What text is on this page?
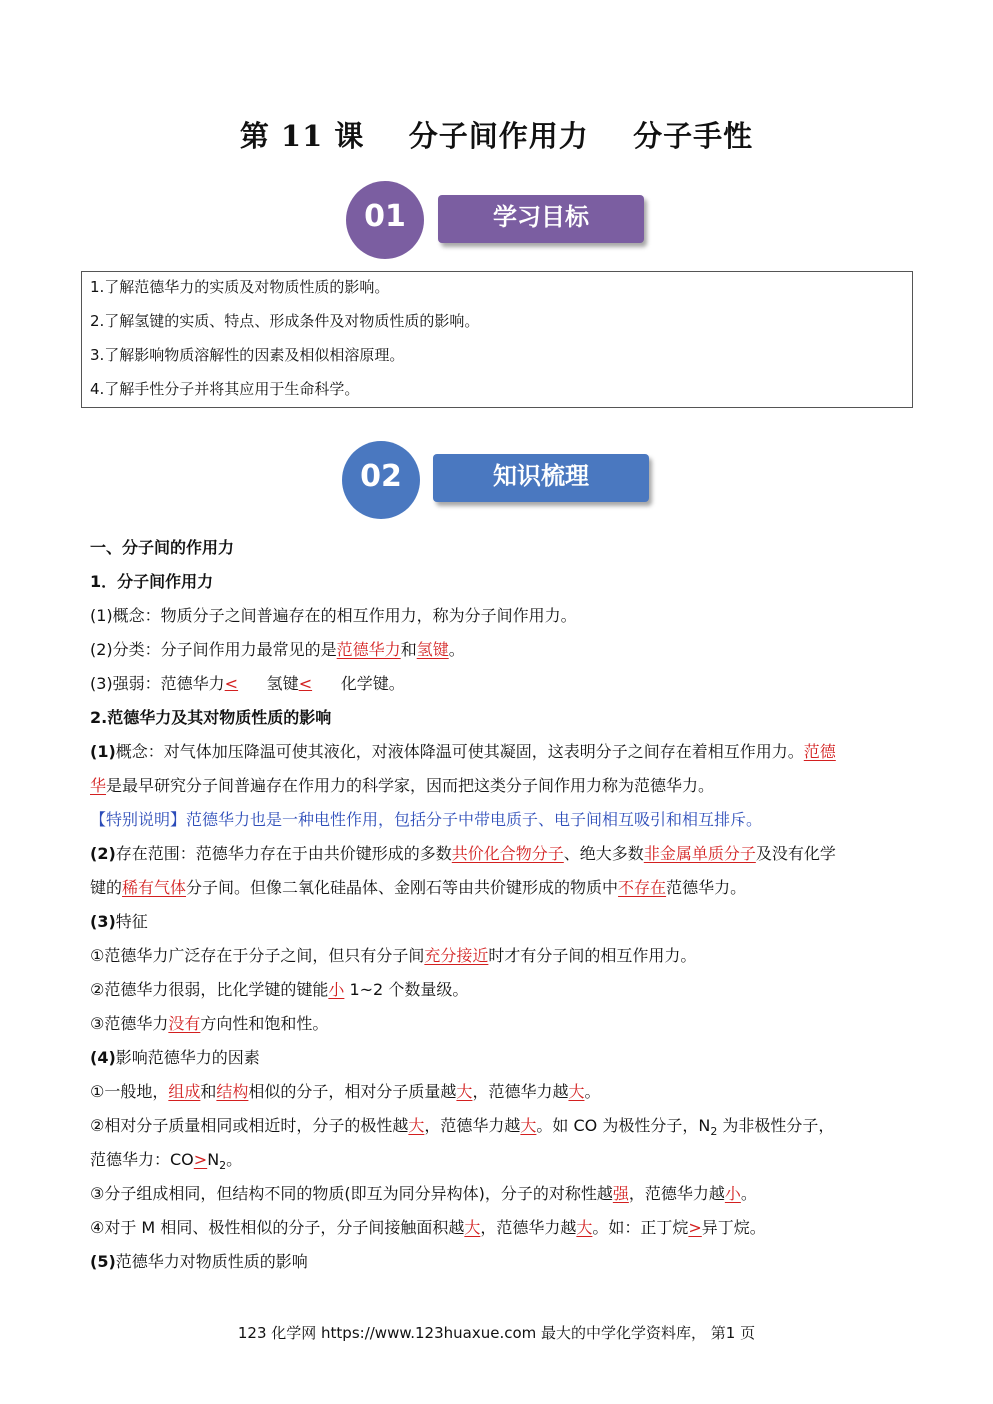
第 11 课    分子间作用力    分子手性
01	学习目标
1.了解范德华力的实质及对物质性质的影响。
2.了解氢键的实质、特点、形成条件及对物质性质的影响。
3.了解影响物质溶解性的因素及相似相溶原理。
4.了解手性分子并将其应用于生命科学。
02	知识梳理
一、分子间的作用力
1．分子间作用力
(1)概念：物质分子之间普遍存在的相互作用力，称为分子间作用力。
(2)分类：分子间作用力最常见的是范德华力和氢键。
(3)强弱：范德华力< 氢键< 化学键。
2.范德华力及其对物质性质的影响
(1)概念：对气体加压降温可使其液化，对液体降温可使其凝固，这表明分子之间存在着相互作用力。范德
华是最早研究分子间普遍存在作用力的科学家，因而把这类分子间作用力称为范德华力。
【特别说明】范德华力也是一种电性作用，包括分子中带电质子、电子间相互吸引和相互排斥。
(2)存在范围：范德华力存在于由共价键形成的多数共价化合物分子、绝大多数非金属单质分子及没有化学
键的稀有气体分子间。但像二氧化硅晶体、金刚石等由共价键形成的物质中不存在范德华力。
(3)特征
①范德华力广泛存在于分子之间，但只有分子间充分接近时才有分子间的相互作用力。
②范德华力很弱，比化学键的键能小 1~2 个数量级。
③范德华力没有方向性和饱和性。
(4)影响范德华力的因素
①一般地，组成和结构相似的分子，相对分子质量越大，范德华力越大。
②相对分子质量相同或相近时，分子的极性越大，范德华力越大。如 CO 为极性分子，$N_2$ 为非极性分子，
范德华力：$CO>N_2$。
③分子组成相同，但结构不同的物质(即互为同分异构体)，分子的对称性越强，范德华力越小。
④对于 M 相同、极性相似的分子，分子间接触面积越大，范德华力越大。如：正丁烷>异丁烷。
(5)范德华力对物质性质的影响
123 化学网 https://www.123huaxue.com 最大的中学化学资料库， 第1 页
